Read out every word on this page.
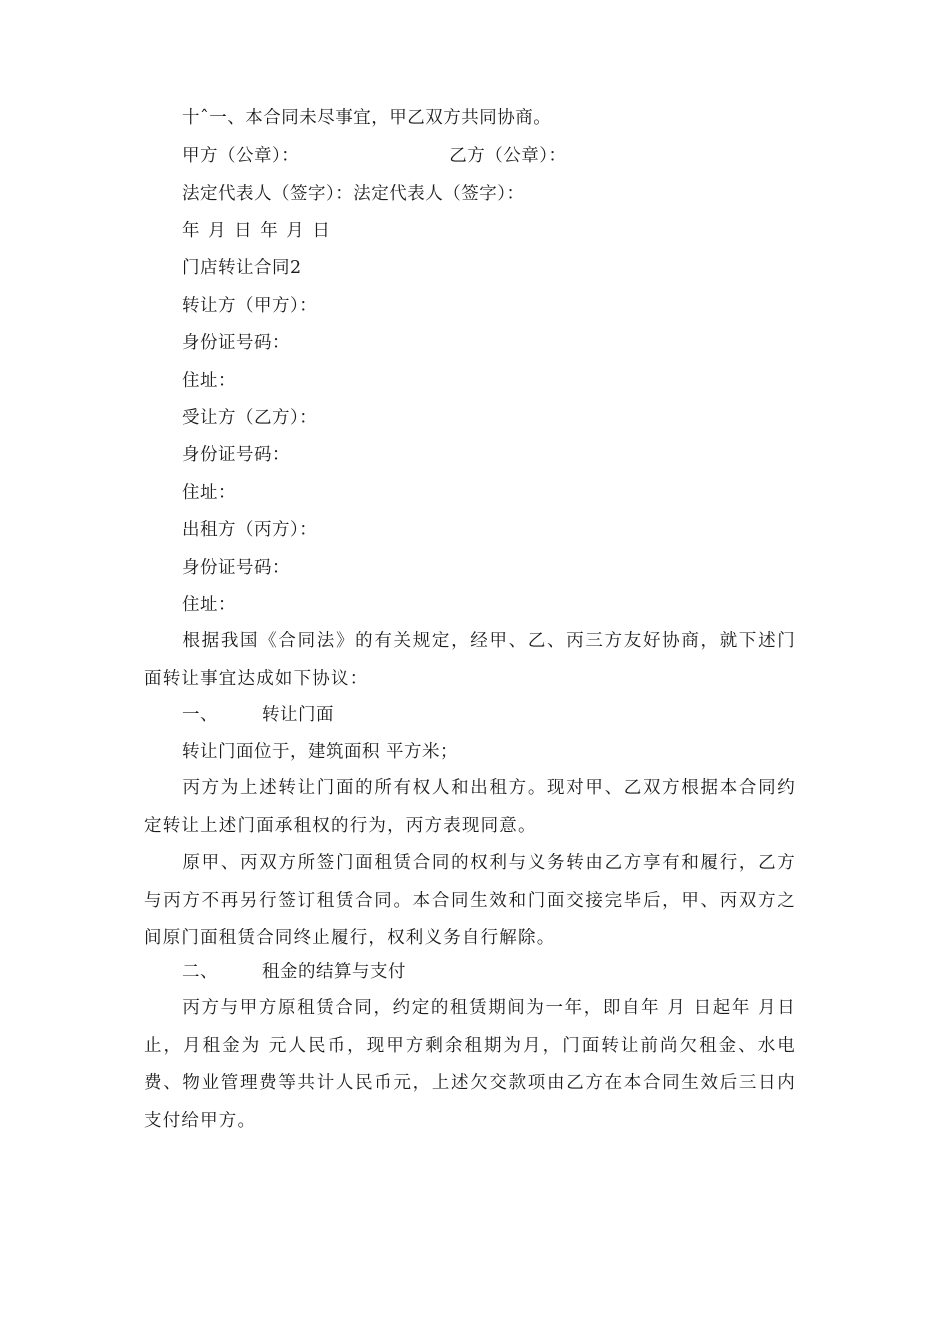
十ˆ一、本合同未尽事宜，甲乙双方共同协商。
甲方（公章）：	乙方（公章）：
法定代表人（签字）：法定代表人（签字）：
年 月 日 年 月 日
门店转让合同2
转让方（甲方）：
身份证号码：
住址：
受让方（乙方）：
身份证号码：
住址：
出租方（丙方）：
身份证号码：
住址：
根据我国《合同法》的有关规定，经甲、乙、丙三方友好协商，就下述门面转让事宜达成如下协议：
一、	转让门面
转让门面位于，建筑面积 平方米；
丙方为上述转让门面的所有权人和出租方。现对甲、乙双方根据本合同约定转让上述门面承租权的行为，丙方表现同意。
原甲、丙双方所签门面租赁合同的权利与义务转由乙方享有和履行，乙方与丙方不再另行签订租赁合同。本合同生效和门面交接完毕后，甲、丙双方之间原门面租赁合同终止履行，权利义务自行解除。
二、	租金的结算与支付
丙方与甲方原租赁合同，约定的租赁期间为一年，即自年 月 日起年 月日止，月租金为 元人民币，现甲方剩余租期为月，门面转让前尚欠租金、水电费、物业管理费等共计人民币元，上述欠交款项由乙方在本合同生效后三日内支付给甲方。
